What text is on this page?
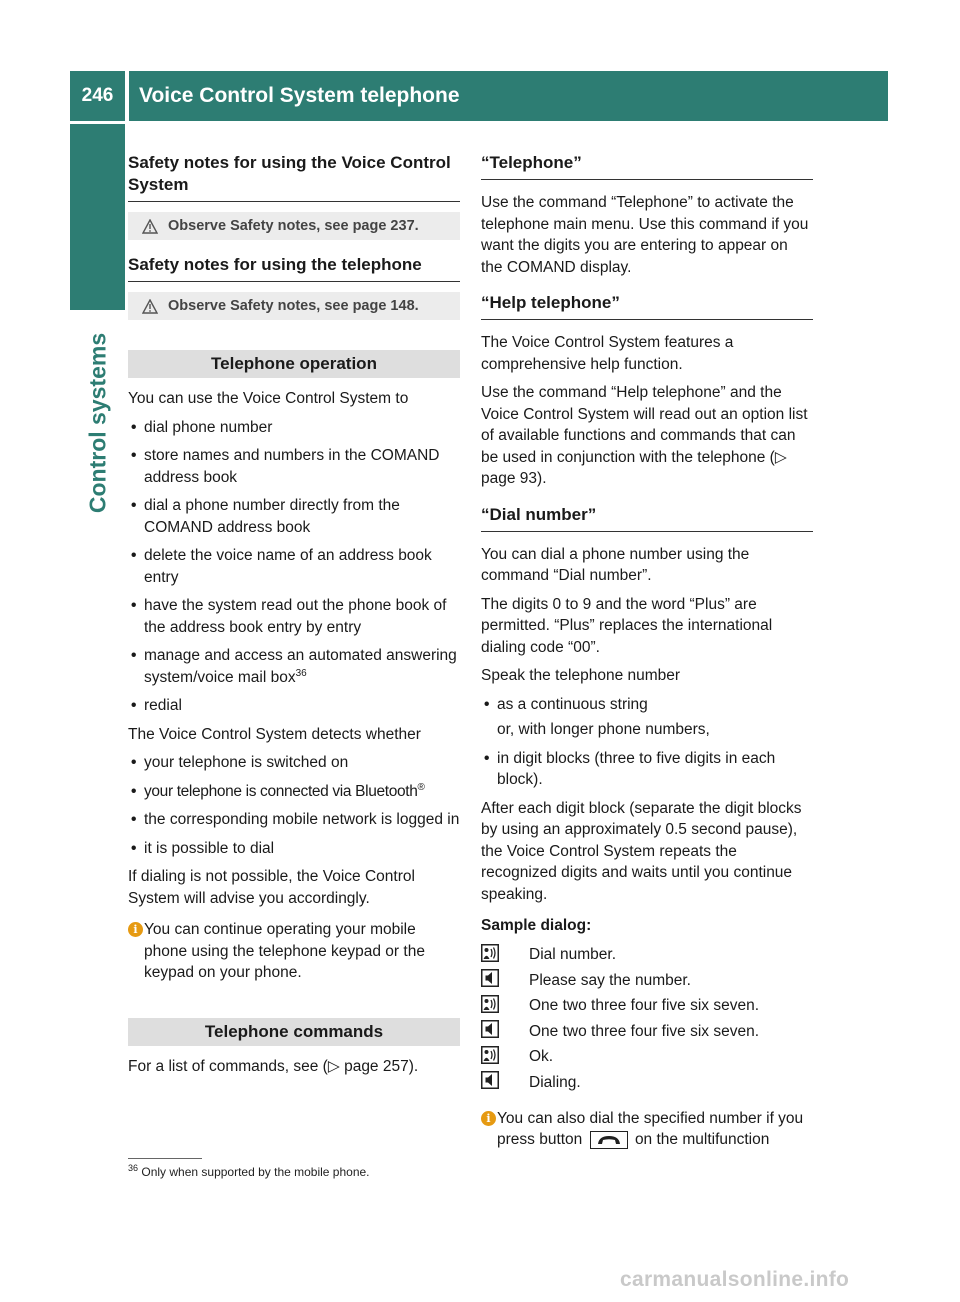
246	Voice Control System telephone
Control systems
Safety notes for using the Voice Control System
Observe Safety notes, see page 237.
Safety notes for using the telephone
Observe Safety notes, see page 148.
Telephone operation

You can use the Voice Control System to

• dial phone number
• store names and numbers in the COMAND address book
• dial a phone number directly from the COMAND address book
• delete the voice name of an address book entry
• have the system read out the phone book of the address book entry by entry
• manage and access an automated answering system/voice mail box$^{36}$
• redial

The Voice Control System detects whether

• your telephone is switched on
• your telephone is connected via Bluetooth®
• the corresponding mobile network is logged in
• it is possible to dial

If dialing is not possible, the Voice Control System will advise you accordingly.

i You can continue operating your mobile phone using the telephone keypad or the keypad on your phone.
Telephone commands

For a list of commands, see (▷ page 257).

“Telephone”

Use the command “Telephone” to activate the telephone main menu. Use this command if you want the digits you are entering to appear on the COMAND display.

“Help telephone”

The Voice Control System features a comprehensive help function.

Use the command “Help telephone” and the Voice Control System will read out an option list of available functions and commands that can be used in conjunction with the telephone (▷ page 93).

“Dial number”

You can dial a phone number using the command “Dial number”.

The digits 0 to 9 and the word “Plus” are permitted. “Plus” replaces the international dialing code “00”.

Speak the telephone number

• as a continuous string
or, with longer phone numbers,
• in digit blocks (three to five digits in each block).

After each digit block (separate the digit blocks by using an approximately 0.5 second pause), the Voice Control System repeats the recognized digits and waits until you continue speaking.

Sample dialog:
Dial number.
Please say the number.
One two three four five six seven.
One two three four five six seven.
Ok.
Dialing.
i You can also dial the specified number if you press button	on the multifunction
$^{36}$ Only when supported by the mobile phone.
carmanualsonline.info
